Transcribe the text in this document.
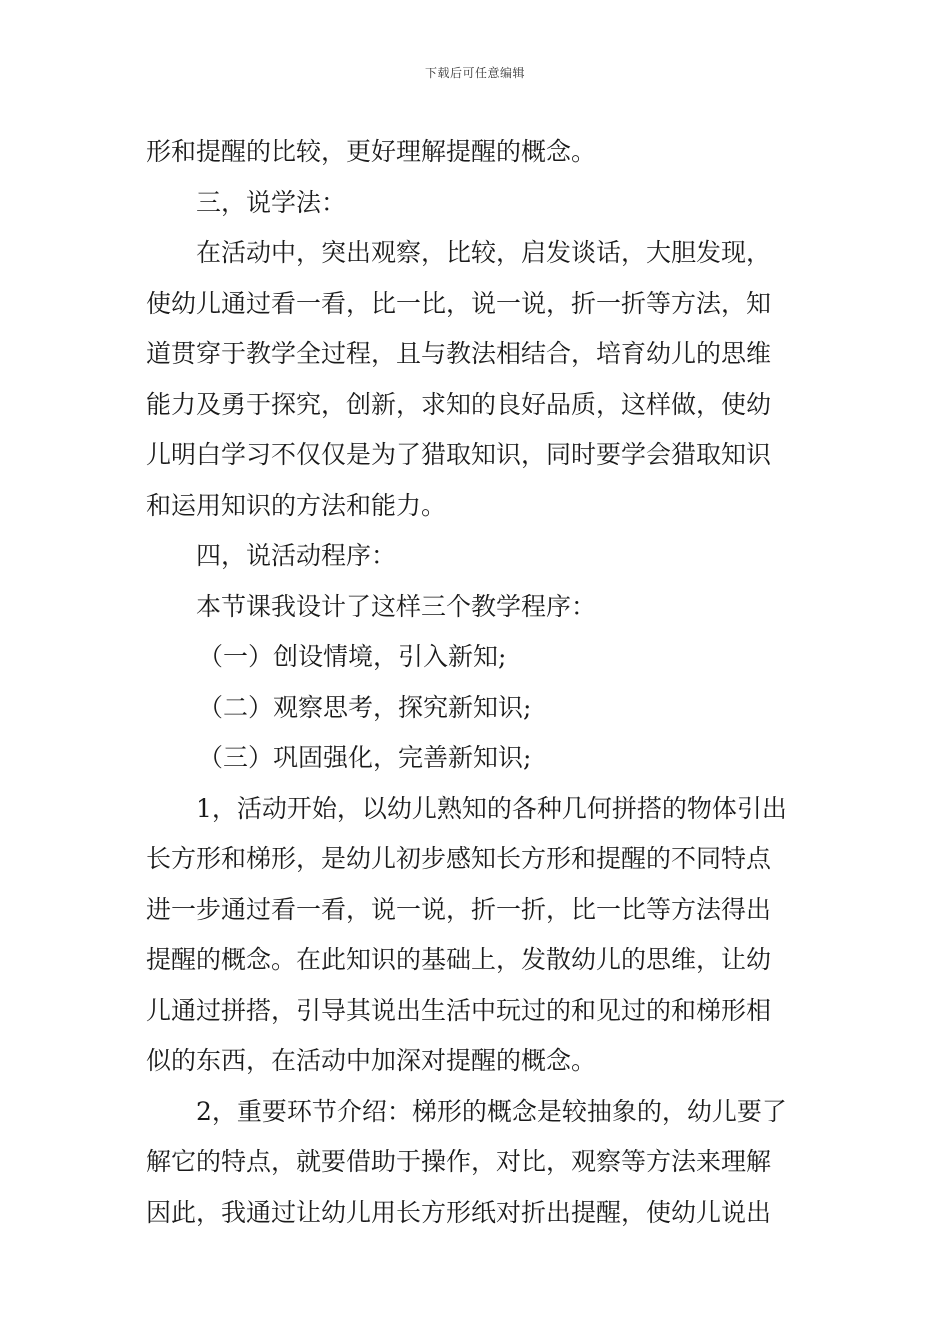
下载后可任意编辑
形和提醒的比较，更好理解提醒的概念。
三，说学法：
在活动中，突出观察，比较，启发谈话，大胆发现，
使幼儿通过看一看，比一比，说一说，折一折等方法，知
道贯穿于教学全过程，且与教法相结合，培育幼儿的思维
能力及勇于探究，创新，求知的良好品质，这样做，使幼
儿明白学习不仅仅是为了猎取知识，同时要学会猎取知识
和运用知识的方法和能力。
四，说活动程序：
本节课我设计了这样三个教学程序：
（一）创设情境，引入新知;
（二）观察思考，探究新知识;
（三）巩固强化，完善新知识;
1，活动开始，以幼儿熟知的各种几何拼搭的物体引出
长方形和梯形，是幼儿初步感知长方形和提醒的不同特点
进一步通过看一看，说一说，折一折，比一比等方法得出
提醒的概念。在此知识的基础上，发散幼儿的思维，让幼
儿通过拼搭，引导其说出生活中玩过的和见过的和梯形相
似的东西，在活动中加深对提醒的概念。
2，重要环节介绍：梯形的概念是较抽象的，幼儿要了
解它的特点，就要借助于操作，对比，观察等方法来理解
因此，我通过让幼儿用长方形纸对折出提醒，使幼儿说出
